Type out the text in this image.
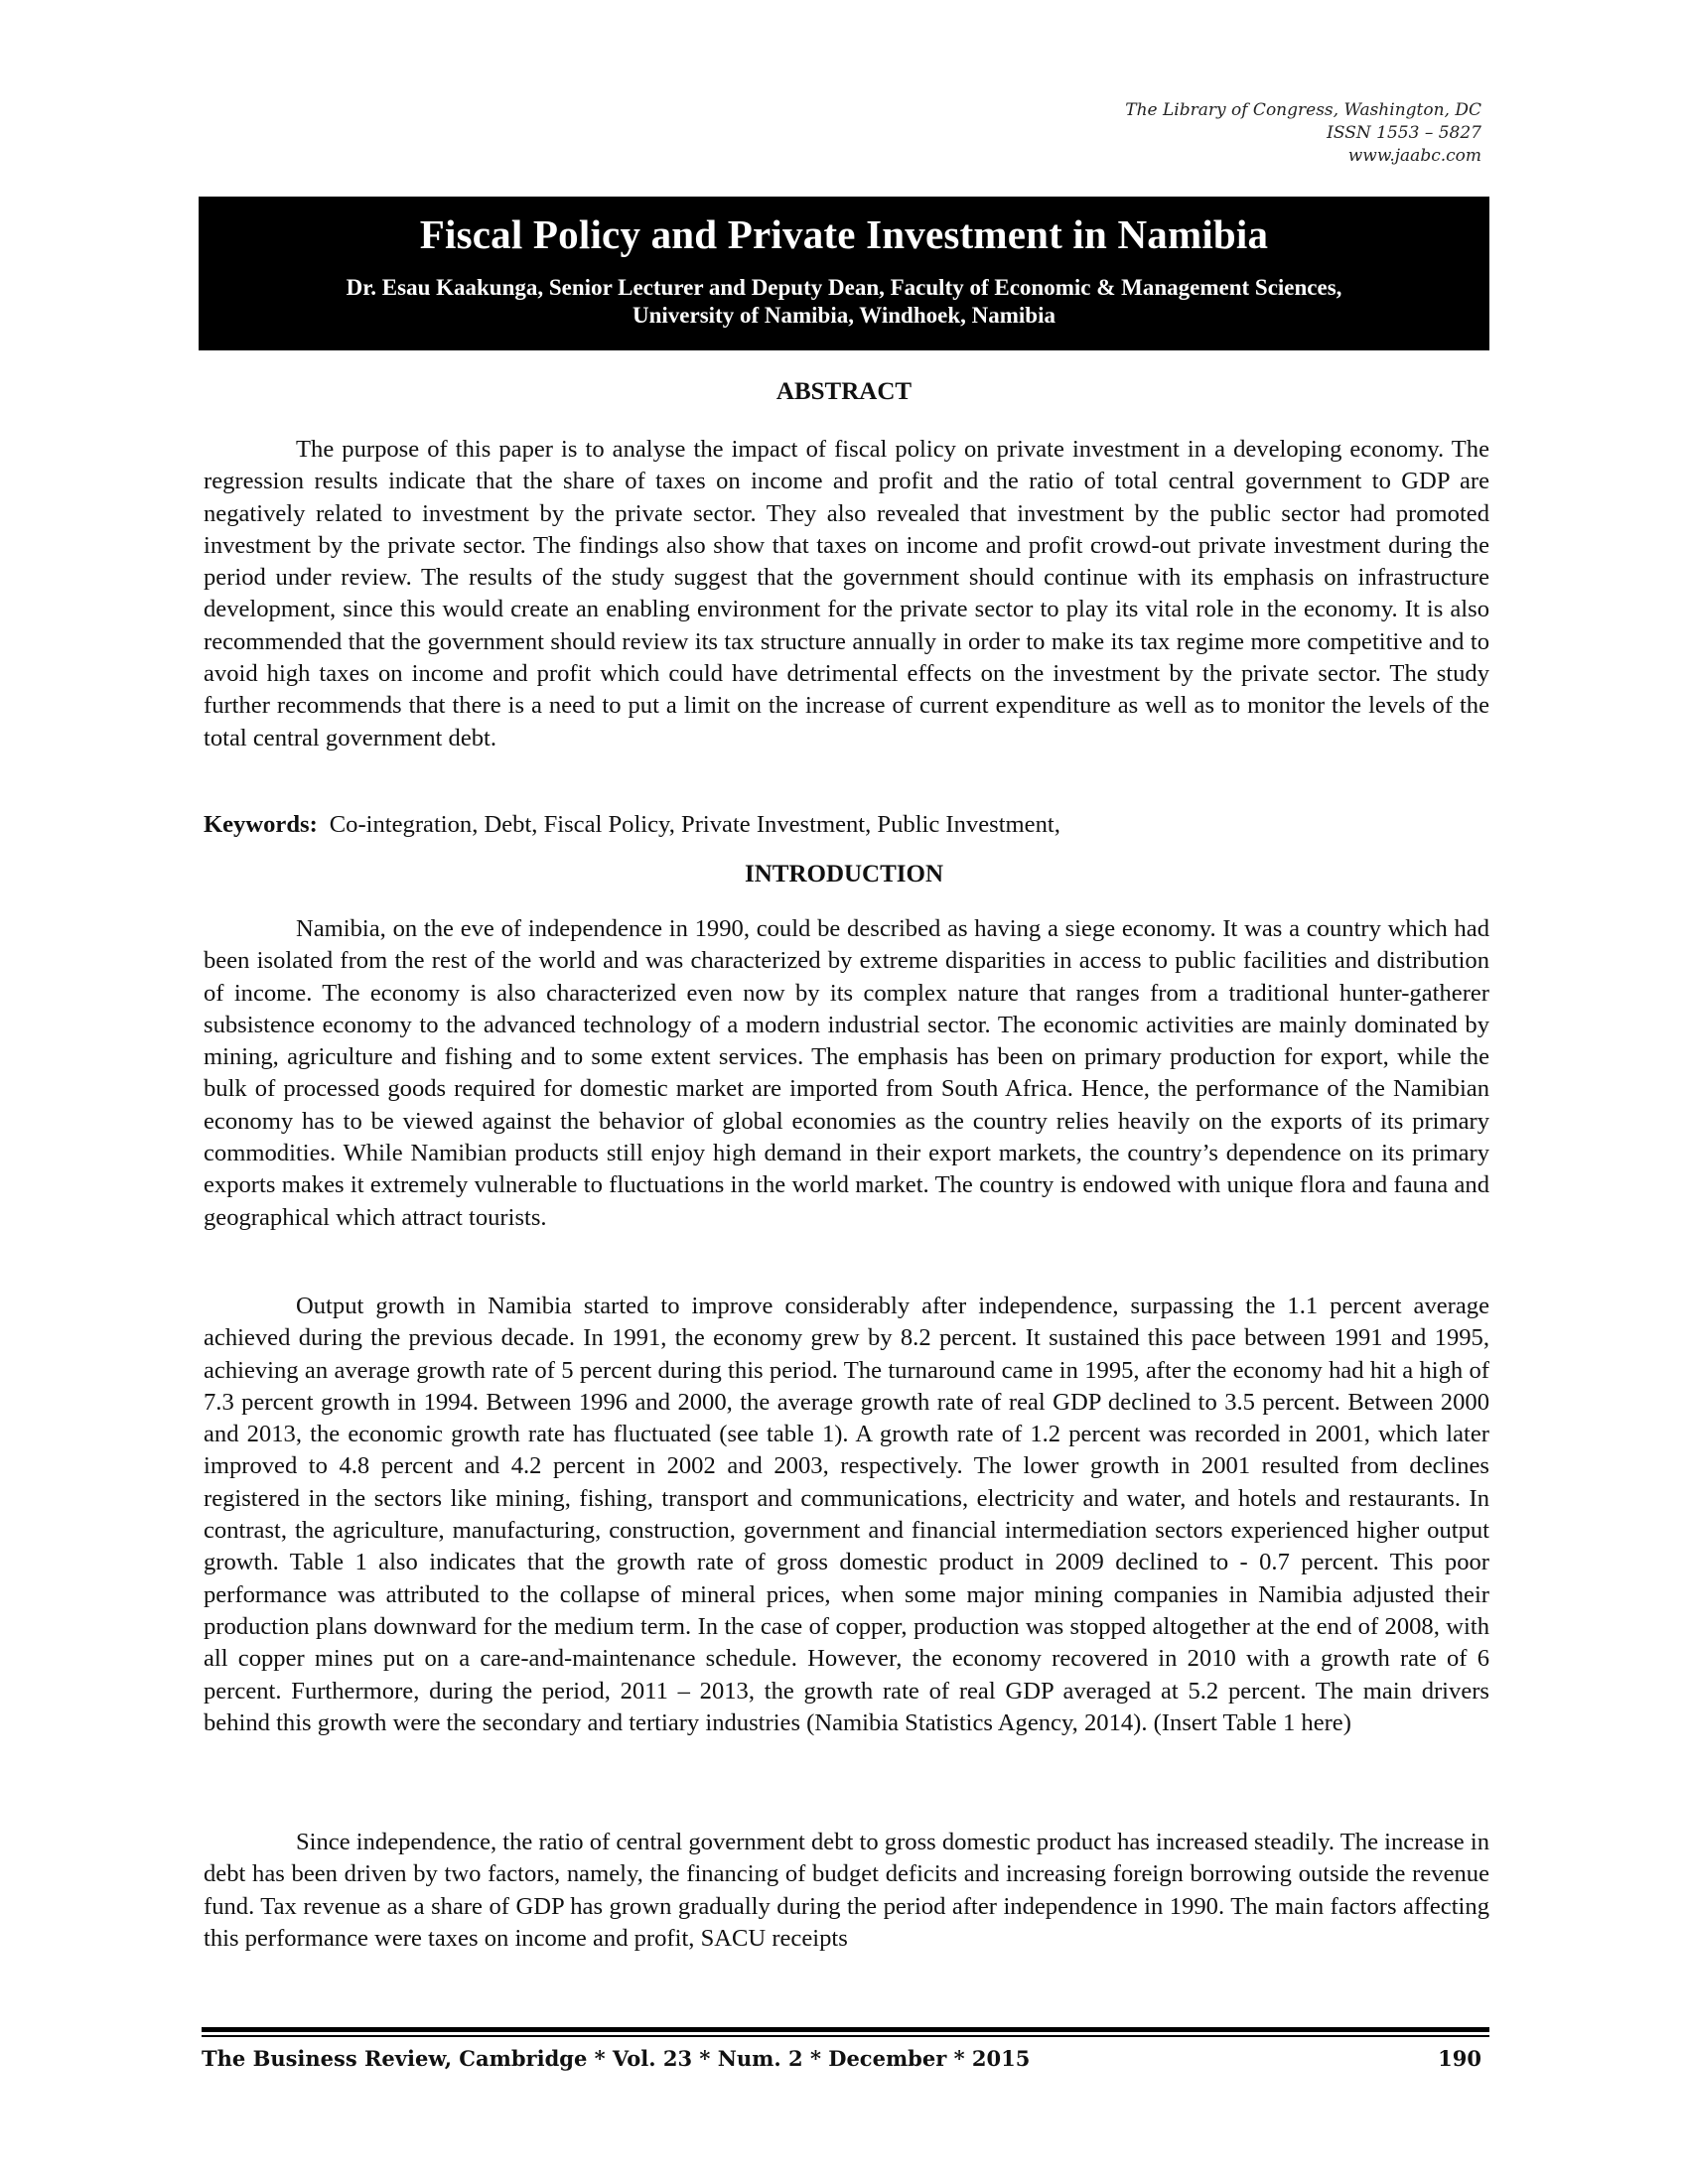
The Library of Congress, Washington, DC
ISSN 1553 – 5827
www.jaabc.com
Fiscal Policy and Private Investment in Namibia
Dr. Esau Kaakunga, Senior Lecturer and Deputy Dean, Faculty of Economic & Management Sciences,
University of Namibia, Windhoek, Namibia
ABSTRACT

The purpose of this paper is to analyse the impact of fiscal policy on private investment in a developing economy. The regression results indicate that the share of taxes on income and profit and the ratio of total central government to GDP are negatively related to investment by the private sector. They also revealed that investment by the public sector had promoted investment by the private sector. The findings also show that taxes on income and profit crowd-out private investment during the period under review. The results of the study suggest that the government should continue with its emphasis on infrastructure development, since this would create an enabling environment for the private sector to play its vital role in the economy. It is also recommended that the government should review its tax structure annually in order to make its tax regime more competitive and to avoid high taxes on income and profit which could have detrimental effects on the investment by the private sector. The study further recommends that there is a need to put a limit on the increase of current expenditure as well as to monitor the levels of the total central government debt.

Keywords: Co-integration, Debt, Fiscal Policy, Private Investment, Public Investment,

INTRODUCTION

Namibia, on the eve of independence in 1990, could be described as having a siege economy. It was a country which had been isolated from the rest of the world and was characterized by extreme disparities in access to public facilities and distribution of income. The economy is also characterized even now by its complex nature that ranges from a traditional hunter-gatherer subsistence economy to the advanced technology of a modern industrial sector. The economic activities are mainly dominated by mining, agriculture and fishing and to some extent services. The emphasis has been on primary production for export, while the bulk of processed goods required for domestic market are imported from South Africa. Hence, the performance of the Namibian economy has to be viewed against the behavior of global economies as the country relies heavily on the exports of its primary commodities. While Namibian products still enjoy high demand in their export markets, the country’s dependence on its primary exports makes it extremely vulnerable to fluctuations in the world market. The country is endowed with unique flora and fauna and geographical which attract tourists.

Output growth in Namibia started to improve considerably after independence, surpassing the 1.1 percent average achieved during the previous decade. In 1991, the economy grew by 8.2 percent. It sustained this pace between 1991 and 1995, achieving an average growth rate of 5 percent during this period. The turnaround came in 1995, after the economy had hit a high of 7.3 percent growth in 1994. Between 1996 and 2000, the average growth rate of real GDP declined to 3.5 percent. Between 2000 and 2013, the economic growth rate has fluctuated (see table 1). A growth rate of 1.2 percent was recorded in 2001, which later improved to 4.8 percent and 4.2 percent in 2002 and 2003, respectively. The lower growth in 2001 resulted from declines registered in the sectors like mining, fishing, transport and communications, electricity and water, and hotels and restaurants. In contrast, the agriculture, manufacturing, construction, government and financial intermediation sectors experienced higher output growth. Table 1 also indicates that the growth rate of gross domestic product in 2009 declined to - 0.7 percent. This poor performance was attributed to the collapse of mineral prices, when some major mining companies in Namibia adjusted their production plans downward for the medium term. In the case of copper, production was stopped altogether at the end of 2008, with all copper mines put on a care-and-maintenance schedule. However, the economy recovered in 2010 with a growth rate of 6 percent. Furthermore, during the period, 2011 – 2013, the growth rate of real GDP averaged at 5.2 percent. The main drivers behind this growth were the secondary and tertiary industries (Namibia Statistics Agency, 2014). (Insert Table 1 here)

Since independence, the ratio of central government debt to gross domestic product has increased steadily. The increase in debt has been driven by two factors, namely, the financing of budget deficits and increasing foreign borrowing outside the revenue fund. Tax revenue as a share of GDP has grown gradually during the period after independence in 1990. The main factors affecting this performance were taxes on income and profit, SACU receipts

The Business Review, Cambridge * Vol. 23 * Num. 2 * December * 2015	190
